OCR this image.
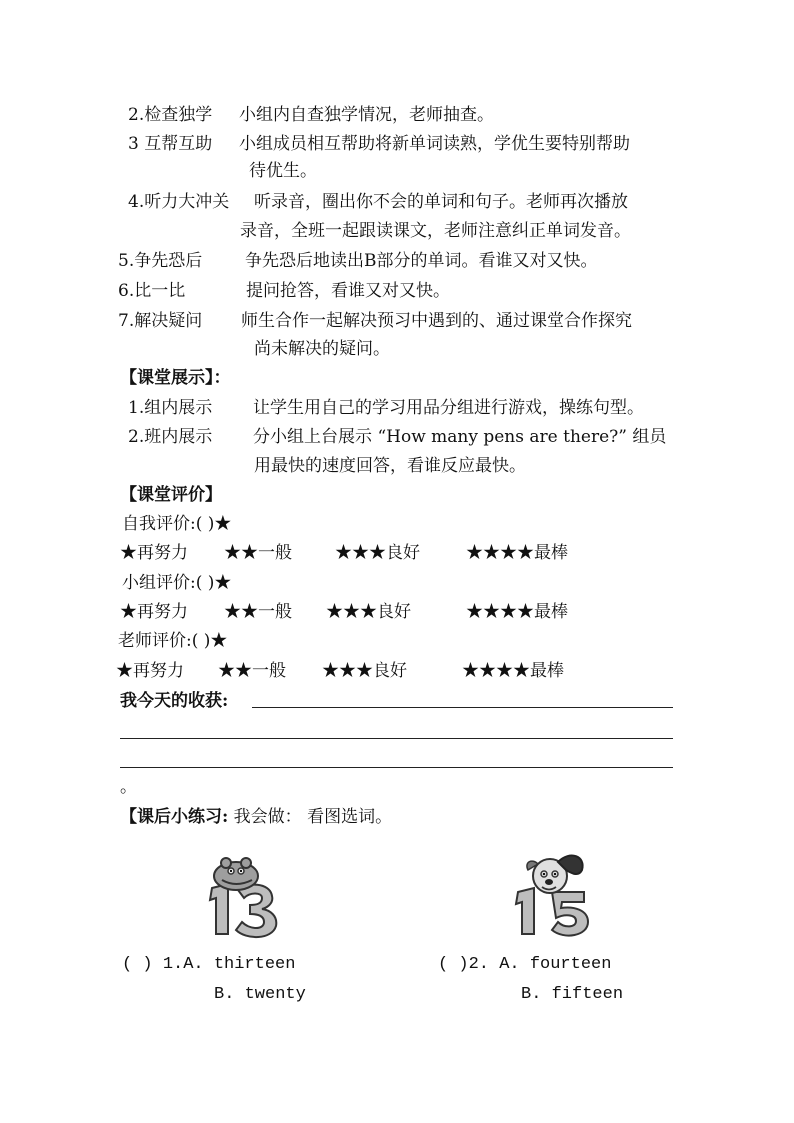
2.检查独学 小组内自查独学情况，老师抽查。
3 互帮互助 小组成员相互帮助将新单词读熟，学优生要特别帮助
待优生。
4.听力大冲关 听录音，圈出你不会的单词和句子。老师再次播放
录音，全班一起跟读课文，老师注意纠正单词发音。
5.争先恐后	争先恐后地读出B部分的单词。看谁又对又快。
6.比一比	提问抢答，看谁又对又快。
7.解决疑问 师生合作一起解决预习中遇到的、通过课堂合作探究
尚未解决的疑问。
【课堂展示】：
1.组内展示 让学生用自己的学习用品分组进行游戏，操练句型。
2.班内展示 分小组上台展示 “How many pens are there?” 组员
用最快的速度回答，看谁反应最快。
【课堂评价】
自我评价:( )★
★再努力 ★★一般	★★★良好	★★★★最棒
小组评价:( )★
★再努力 ★★一般 ★★★良好	★★★★最棒
老师评价:( )★
★再努力 ★★一般 ★★★良好	★★★★最棒
我今天的收获:
。
【课后小练习: 我会做： 看图选词。
( ) 1.A. thirteen
B. twenty
( )2. A. fourteen
B. fifteen
